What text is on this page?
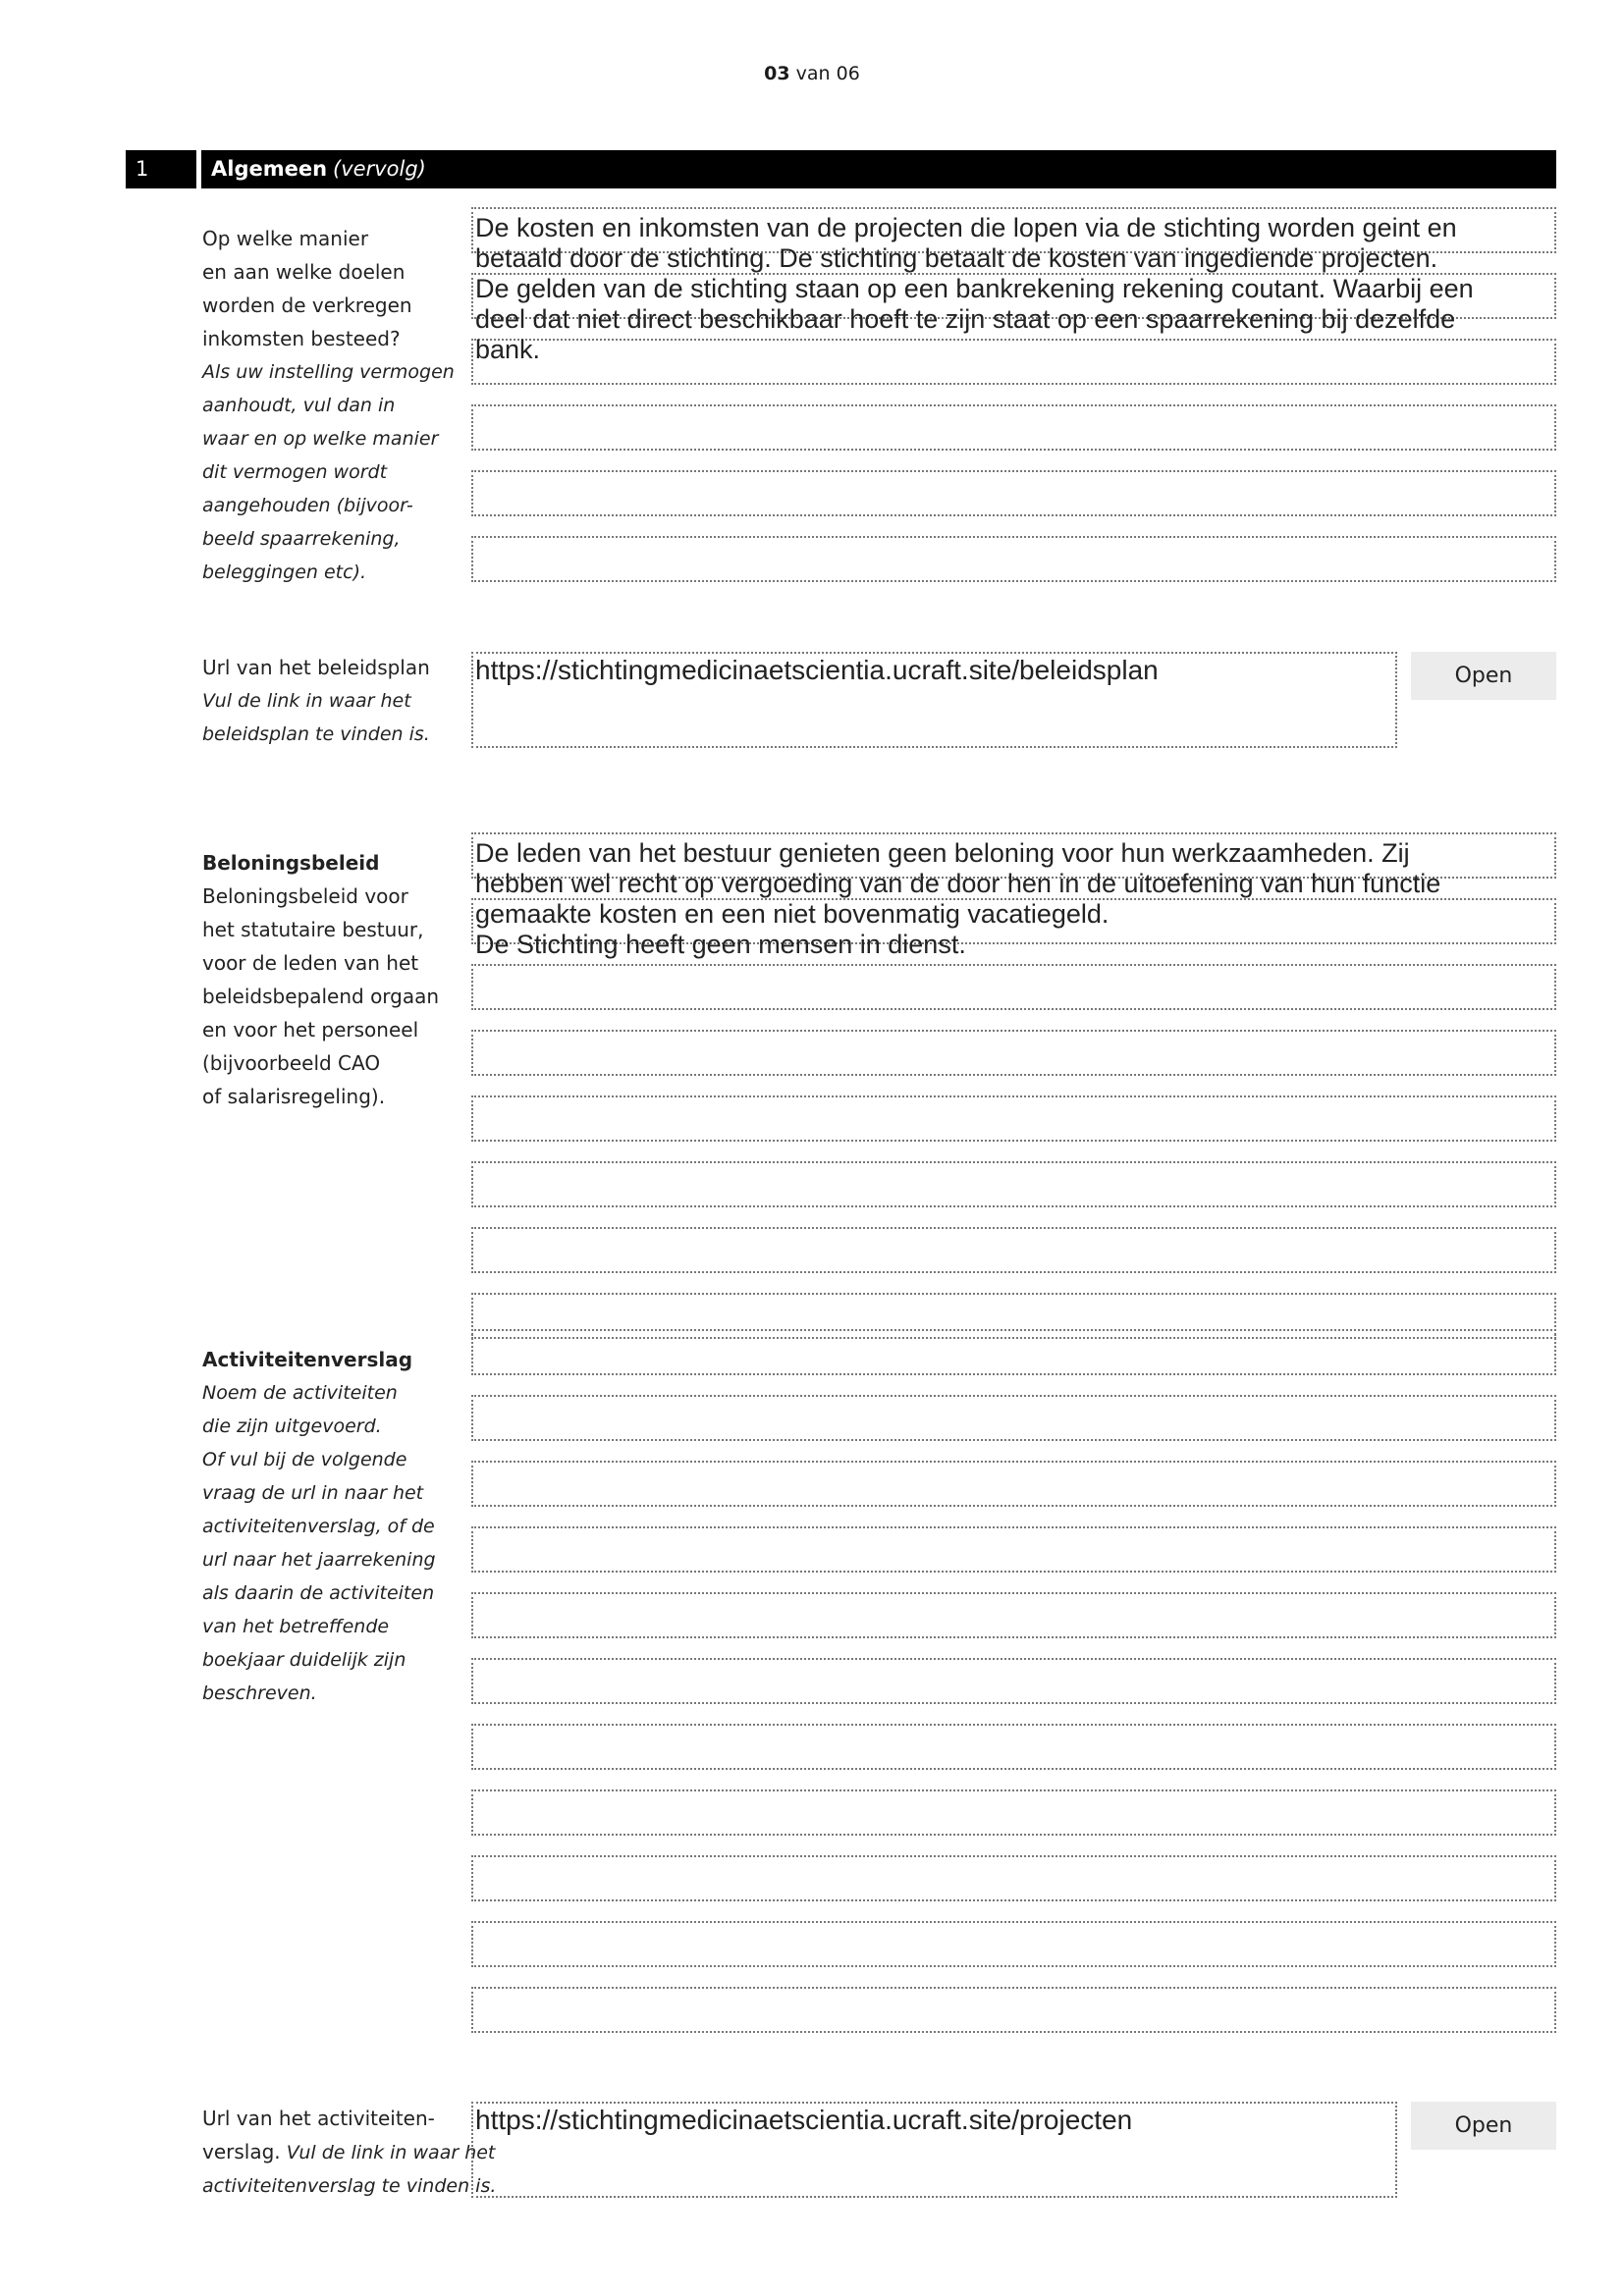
03 van 06
1	Algemeen (vervolg)
Op welke manier
en aan welke doelen
worden de verkregen
inkomsten besteed?
Als uw instelling vermogen
aanhoudt, vul dan in
waar en op welke manier
dit vermogen wordt
aangehouden (bijvoor-
beeld spaarrekening,
beleggingen etc).
De kosten en inkomsten van de projecten die lopen via de stichting worden geint en
betaald door de stichting. De stichting betaalt de kosten van ingediende projecten.
De gelden van de stichting staan op een bankrekening rekening coutant. Waarbij een
deel dat niet direct beschikbaar hoeft te zijn staat op een spaarrekening bij dezelfde
bank.
Url van het beleidsplan
Vul de link in waar het
beleidsplan te vinden is.
https://stichtingmedicinaetscientia.ucraft.site/beleidsplan	Open
Beloningsbeleid
Beloningsbeleid voor
het statutaire bestuur,
voor de leden van het
beleidsbepalend orgaan
en voor het personeel
(bijvoorbeeld CAO
of salarisregeling).
De leden van het bestuur genieten geen beloning voor hun werkzaamheden. Zij
hebben wel recht op vergoeding van de door hen in de uitoefening van hun functie
gemaakte kosten en een niet bovenmatig vacatiegeld.
De Stichting heeft geen mensen in dienst.
Activiteitenverslag
Noem de activiteiten
die zijn uitgevoerd.
Of vul bij de volgende
vraag de url in naar het
activiteitenverslag, of de
url naar het jaarrekening
als daarin de activiteiten
van het betreffende
boekjaar duidelijk zijn
beschreven.
Url van het activiteiten-
verslag. Vul de link in waar het
activiteitenverslag te vinden is.
https://stichtingmedicinaetscientia.ucraft.site/projecten	Open
